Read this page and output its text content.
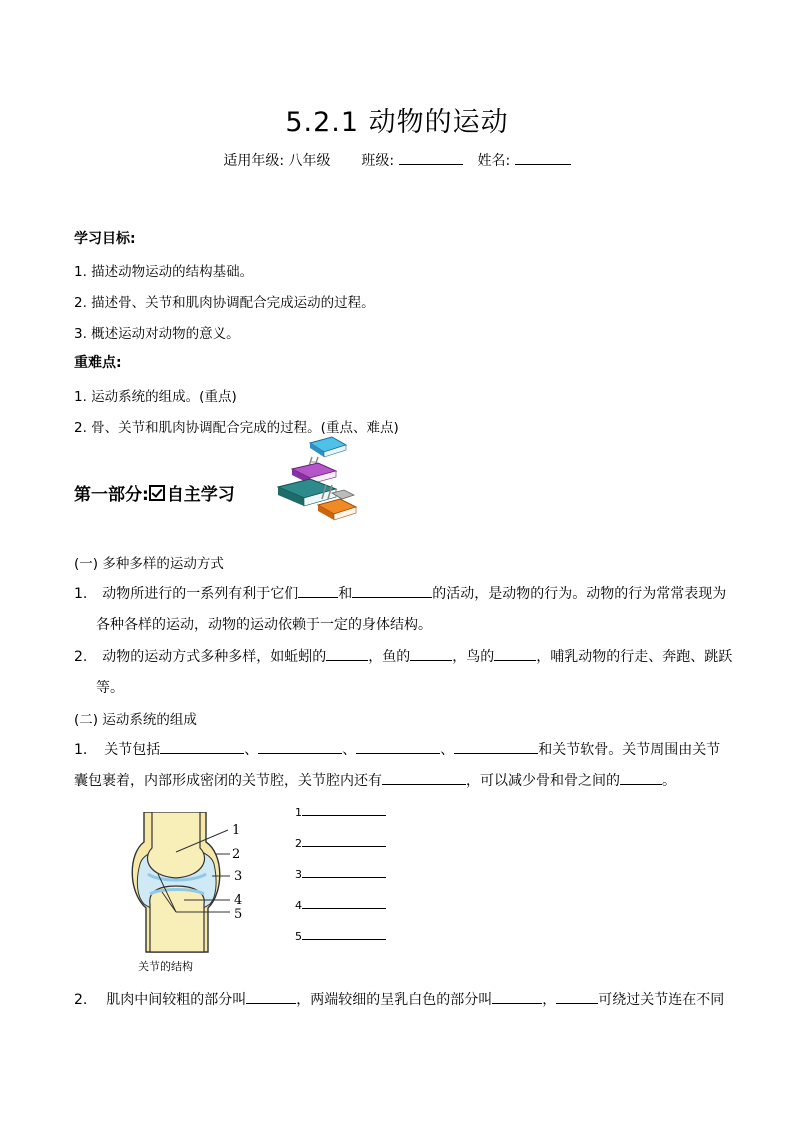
5.2.1 动物的运动
适用年级: 八年级 班级:	姓名:
学习目标:
1. 描述动物运动的结构基础。
2. 描述骨、关节和肌肉协调配合完成运动的过程。
3. 概述运动对动物的意义。
重难点:
1. 运动系统的组成。(重点)
2. 骨、关节和肌肉协调配合完成的过程。(重点、难点)
第一部分: 自主学习
(一) 多种多样的运动方式
1. 动物所进行的一系列有利于它们	和	的活动，是动物的行为。动物的行为常常表现为
各种各样的运动，动物的运动依赖于一定的身体结构。
2. 动物的运动方式多种多样，如蚯蚓的	，鱼的	，鸟的	，哺乳动物的行走、奔跑、跳跃
等。
(二) 运动系统的组成
1. 关节包括	、	、	、	和关节软骨。关节周围由关节
囊包裹着，内部形成密闭的关节腔，关节腔内还有	，可以减少骨和骨之间的	。
1
2
3
4
5
关节的结构
1
2
3
4
5
2. 肌肉中间较粗的部分叫	，两端较细的呈乳白色的部分叫	，	可绕过关节连在不同
